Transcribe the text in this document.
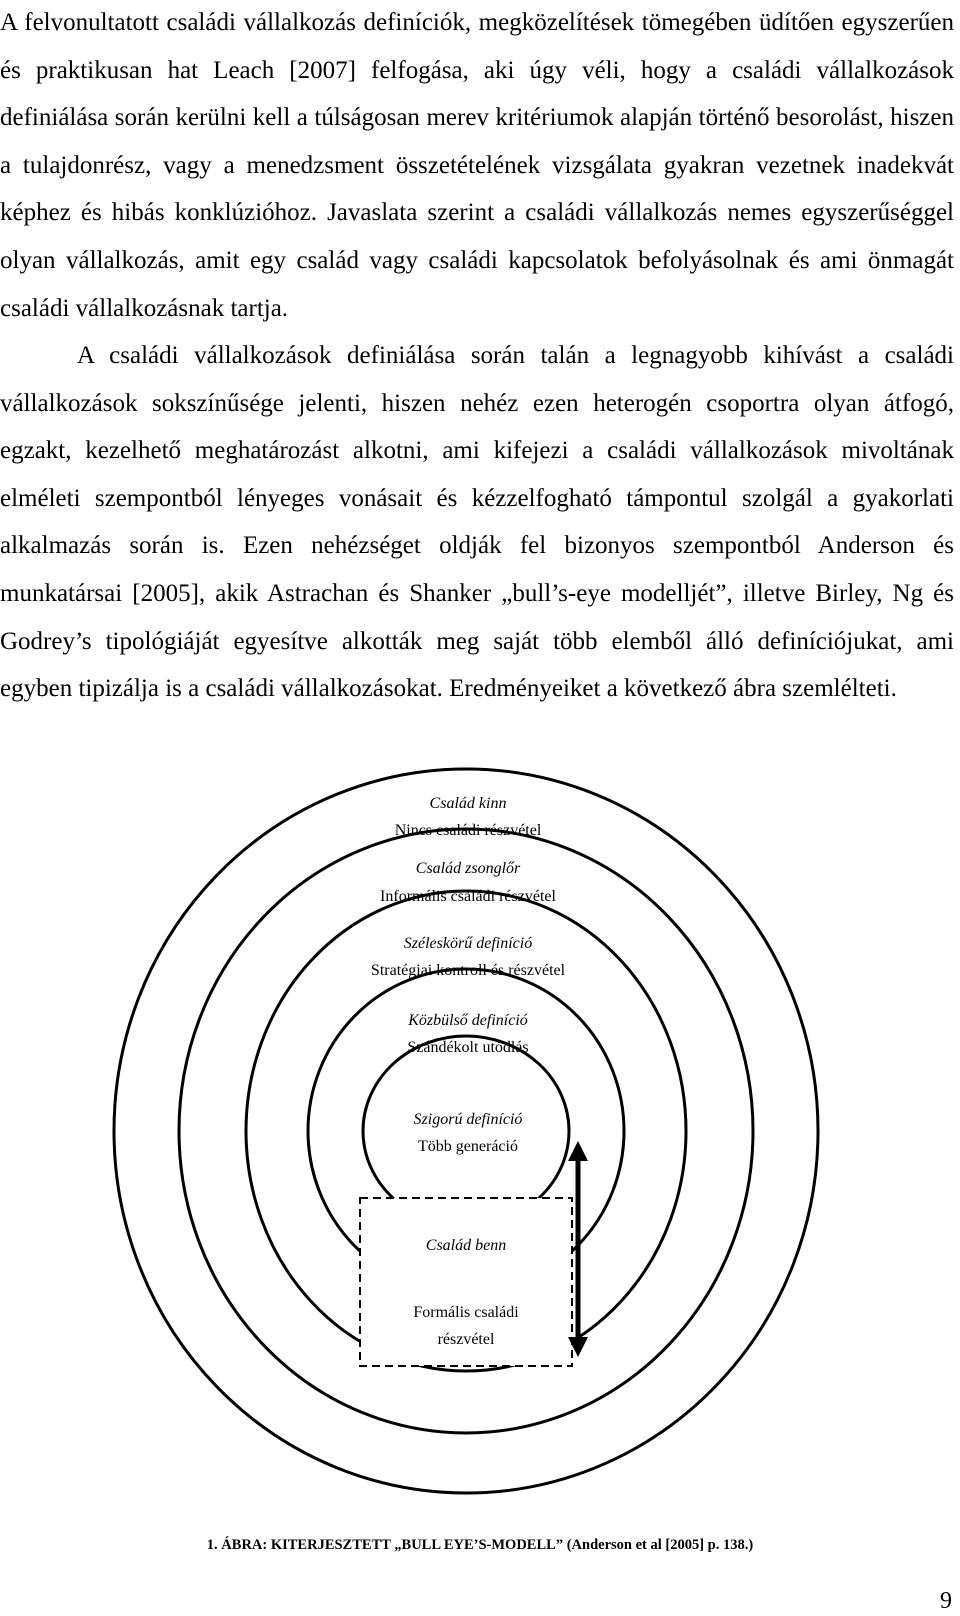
A felvonultatott családi vállalkozás definíciók, megközelítések tömegében üdítően egyszerűen és praktikusan hat Leach [2007] felfogása, aki úgy véli, hogy a családi vállalkozások definiálása során kerülni kell a túlságosan merev kritériumok alapján történő besorolást, hiszen a tulajdonrész, vagy a menedzsment összetételének vizsgálata gyakran vezetnek inadekvát képhez és hibás konklúzióhoz. Javaslata szerint a családi vállalkozás nemes egyszerűséggel olyan vállalkozás, amit egy család vagy családi kapcsolatok befolyásolnak és ami önmagát családi vállalkozásnak tartja.

A családi vállalkozások definiálása során talán a legnagyobb kihívást a családi vállalkozások sokszínűsége jelenti, hiszen nehéz ezen heterogén csoportra olyan átfogó, egzakt, kezelhető meghatározást alkotni, ami kifejezi a családi vállalkozások mivoltának elméleti szempontból lényeges vonásait és kézzelfogható támpontul szolgál a gyakorlati alkalmazás során is. Ezen nehézséget oldják fel bizonyos szempontból Anderson és munkatársai [2005], akik Astrachan és Shanker „bull’s-eye modelljét”, illetve Birley, Ng és Godrey’s tipológiáját egyesítve alkották meg saját több elemből álló definíciójukat, ami egyben tipizálja is a családi vállalkozásokat. Eredményeiket a következő ábra szemlélteti.

Család kinn
Nincs családi részvétel
Család zsonglőr
Informális családi részvétel
Széleskörű definíció
Stratégiai kontroll és részvétel
Közbülső definíció
Szándékolt utódlás
Szigorú definíció
Több generáció
Család benn
Formális családi
részvétel
1. ÁBRA: KITERJESZTETT „BULL EYE’S-MODELL” (Anderson et al [2005] p. 138.)
9
